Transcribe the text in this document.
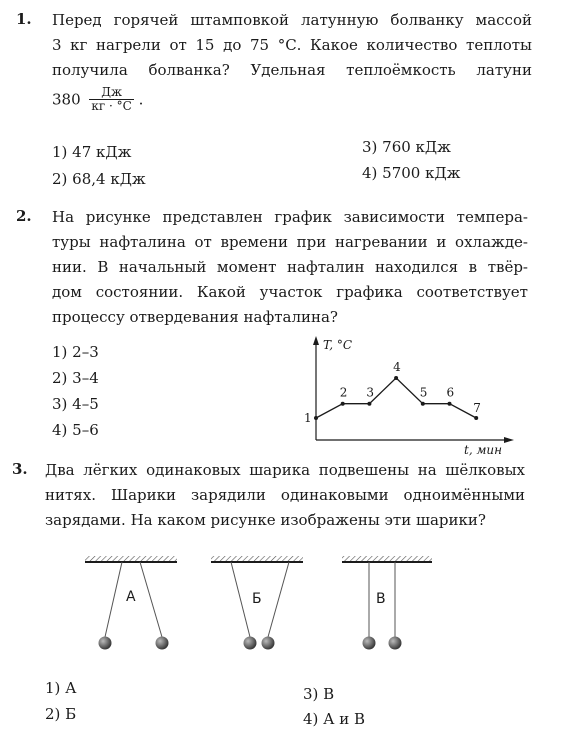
1. Перед горячей штамповкой латунную болванку массой
3 кг нагрели от 15 до 75 °С. Какое количество теплоты
получила болванка? Удельная теплоёмкость латуни
$380 \frac{Дж}{кг \cdot ^\circ С}$ .
1) 47 кДж
2) 68,4 кДж
3) 760 кДж
4) 5700 кДж
2. На рисунке представлен график зависимости темпера-
туры нафталина от времени при нагревании и охлажде-
нии. В начальный момент нафталин находился в твёр-
дом состоянии. Какой участок графика соответствует
процессу отвердевания нафталина?
1) 2–3
2) 3–4
3) 4–5
4) 5–6
T, °C
t, мин
1
2 3
4
5 6
7
3. Два лёгких одинаковых шарика подвешены на шёлковых
нитях. Шарики зарядили одинаковыми одноимёнными
зарядами. На каком рисунке изображены эти шарики?
А	Б	В
1) А
2) Б
3) В
4) А и В
